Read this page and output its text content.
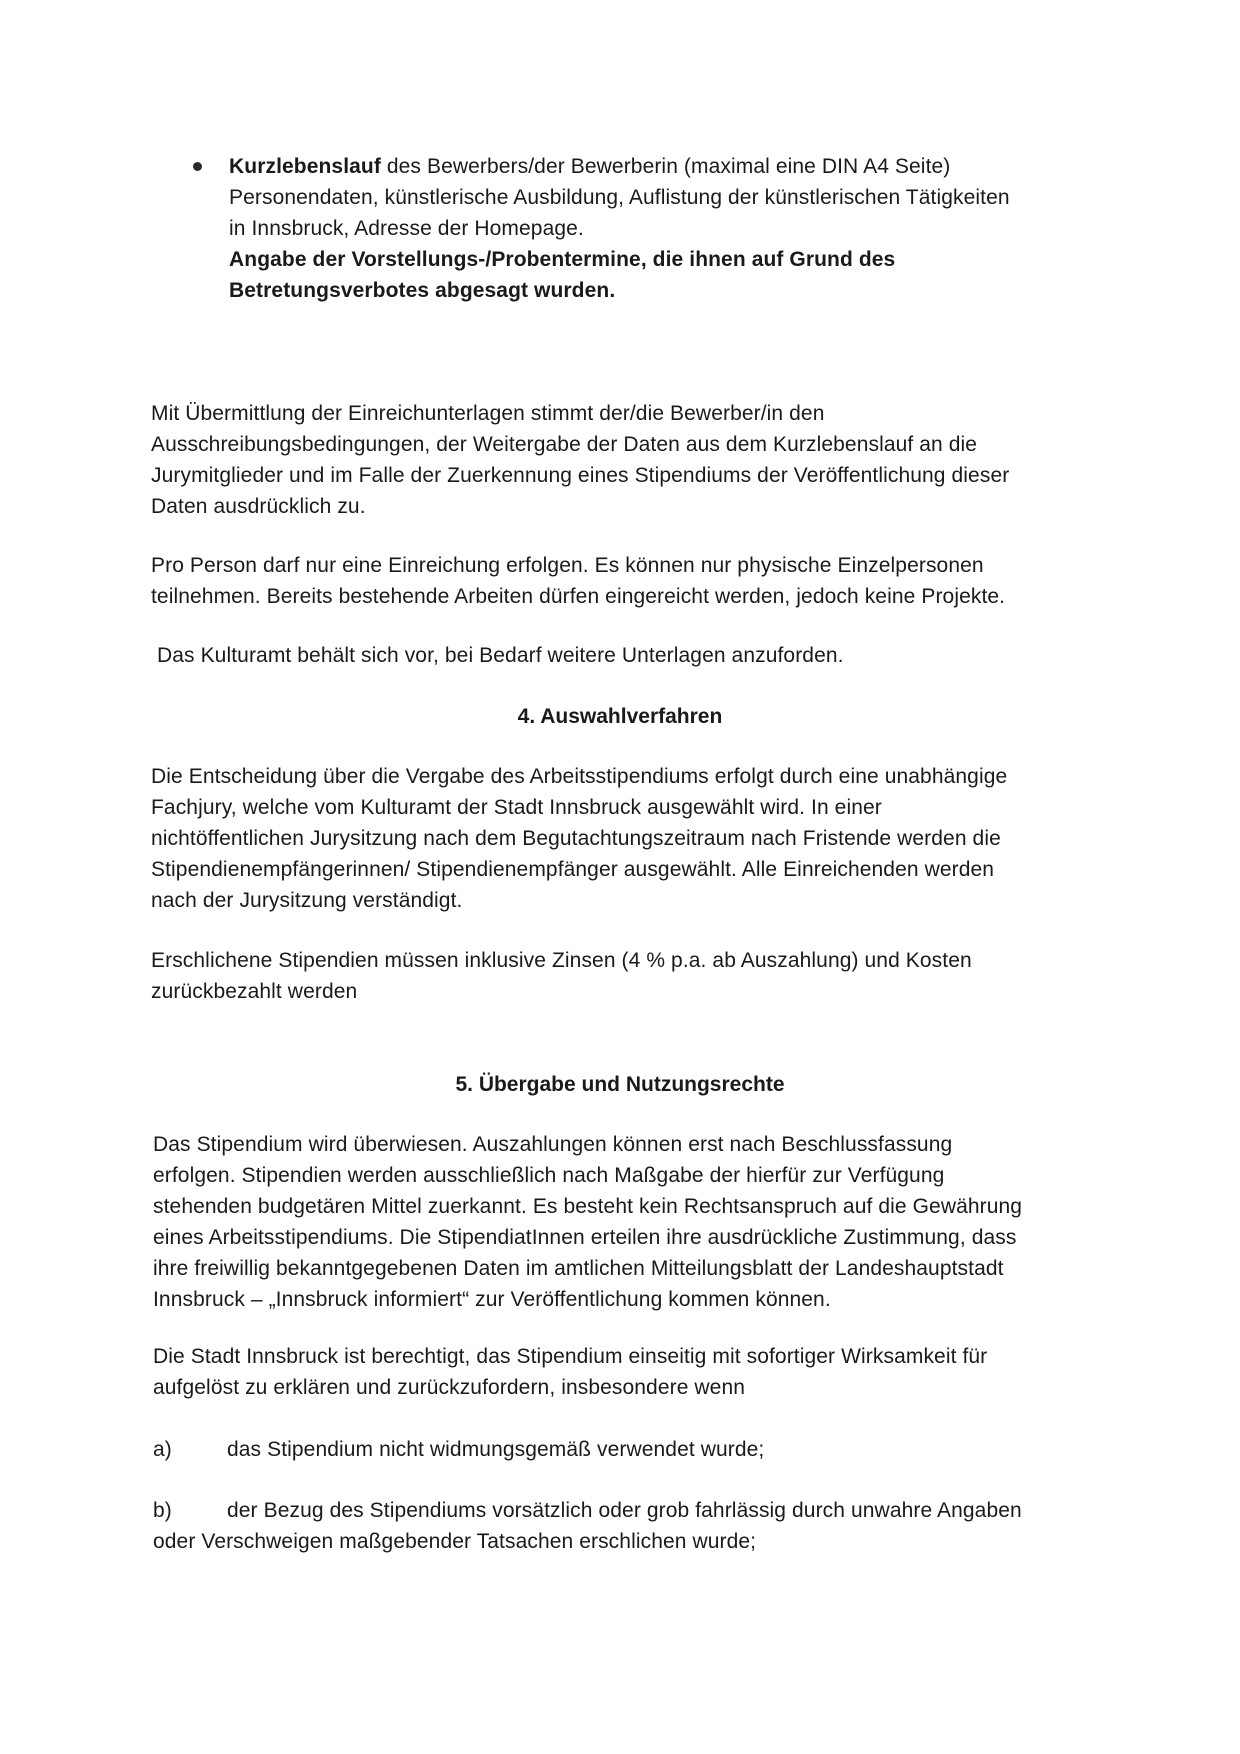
Kurzlebenslauf des Bewerbers/der Bewerberin (maximal eine DIN A4 Seite)

Personendaten, künstlerische Ausbildung, Auflistung der künstlerischen Tätigkeiten

in Innsbruck, Adresse der Homepage.

Angabe der Vorstellungs-/Probentermine, die ihnen auf Grund des

Betretungsverbotes abgesagt wurden.

Mit Übermittlung der Einreichunterlagen stimmt der/die Bewerber/in den

Ausschreibungsbedingungen, der Weitergabe der Daten aus dem Kurzlebenslauf an die

Jurymitglieder und im Falle der Zuerkennung eines Stipendiums der Veröffentlichung dieser

Daten ausdrücklich zu.

Pro Person darf nur eine Einreichung erfolgen. Es können nur physische Einzelpersonen

teilnehmen. Bereits bestehende Arbeiten dürfen eingereicht werden, jedoch keine Projekte.

Das Kulturamt behält sich vor, bei Bedarf weitere Unterlagen anzuforden.

4. Auswahlverfahren

Die Entscheidung über die Vergabe des Arbeitsstipendiums erfolgt durch eine unabhängige

Fachjury, welche vom Kulturamt der Stadt Innsbruck ausgewählt wird. In einer

nichtöffentlichen Jurysitzung nach dem Begutachtungszeitraum nach Fristende werden die

Stipendienempfängerinnen/ Stipendienempfänger ausgewählt. Alle Einreichenden werden

nach der Jurysitzung verständigt.

Erschlichene Stipendien müssen inklusive Zinsen (4 % p.a. ab Auszahlung) und Kosten

zurückbezahlt werden

5. Übergabe und Nutzungsrechte

Das Stipendium wird überwiesen. Auszahlungen können erst nach Beschlussfassung

erfolgen. Stipendien werden ausschließlich nach Maßgabe der hierfür zur Verfügung

stehenden budgetären Mittel zuerkannt. Es besteht kein Rechtsanspruch auf die Gewährung

eines Arbeitsstipendiums. Die StipendiatInnen erteilen ihre ausdrückliche Zustimmung, dass

ihre freiwillig bekanntgegebenen Daten im amtlichen Mitteilungsblatt der Landeshauptstadt

Innsbruck – „Innsbruck informiert“ zur Veröffentlichung kommen können.

Die Stadt Innsbruck ist berechtigt, das Stipendium einseitig mit sofortiger Wirksamkeit für

aufgelöst zu erklären und zurückzufordern, insbesondere wenn

a)	das Stipendium nicht widmungsgemäß verwendet wurde;

b)	der Bezug des Stipendiums vorsätzlich oder grob fahrlässig durch unwahre Angaben

oder Verschweigen maßgebender Tatsachen erschlichen wurde;
